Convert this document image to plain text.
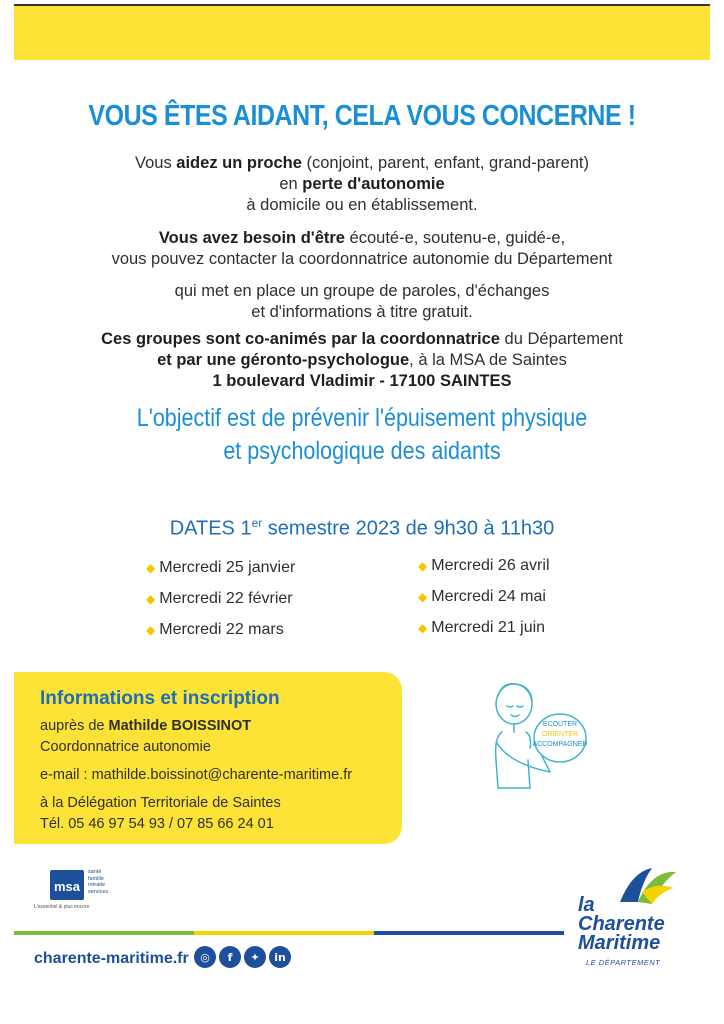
VOUS ÊTES AIDANT, CELA VOUS CONCERNE !
Vous aidez un proche (conjoint, parent, enfant, grand-parent)
en perte d'autonomie
à domicile ou en établissement.
Vous avez besoin d'être écouté-e, soutenu-e, guidé-e,
vous pouvez contacter la coordonnatrice autonomie du Département
qui met en place un groupe de paroles, d'échanges
et d'informations à titre gratuit.
Ces groupes sont co-animés par la coordonnatrice du Département
et par une géronto-psychologue, à la MSA de Saintes
1 boulevard Vladimir - 17100 SAINTES
L'objectif est de prévenir l'épuisement physique
et psychologique des aidants
DATES 1er semestre 2023 de 9h30 à 11h30
◆ Mercredi 25 janvier
◆ Mercredi 22 février
◆ Mercredi 22 mars
◆ Mercredi 26 avril
◆ Mercredi 24 mai
◆ Mercredi 21 juin
Informations et inscription
auprès de Mathilde BOISSINOT
Coordonnatrice autonomie
e-mail : mathilde.boissinot@charente-maritime.fr
à la Délégation Territoriale de Saintes
Tél. 05 46 97 54 93 / 07 85 66 24 01
ECOUTER
ORIENTER
ACCOMPAGNER
msa
santé
famille
retraite
services
L'essentiel & plus encore	la
Charente
Maritime
LE DÉPARTEMENT
charente-maritime.fr	◎	f	✦	in
